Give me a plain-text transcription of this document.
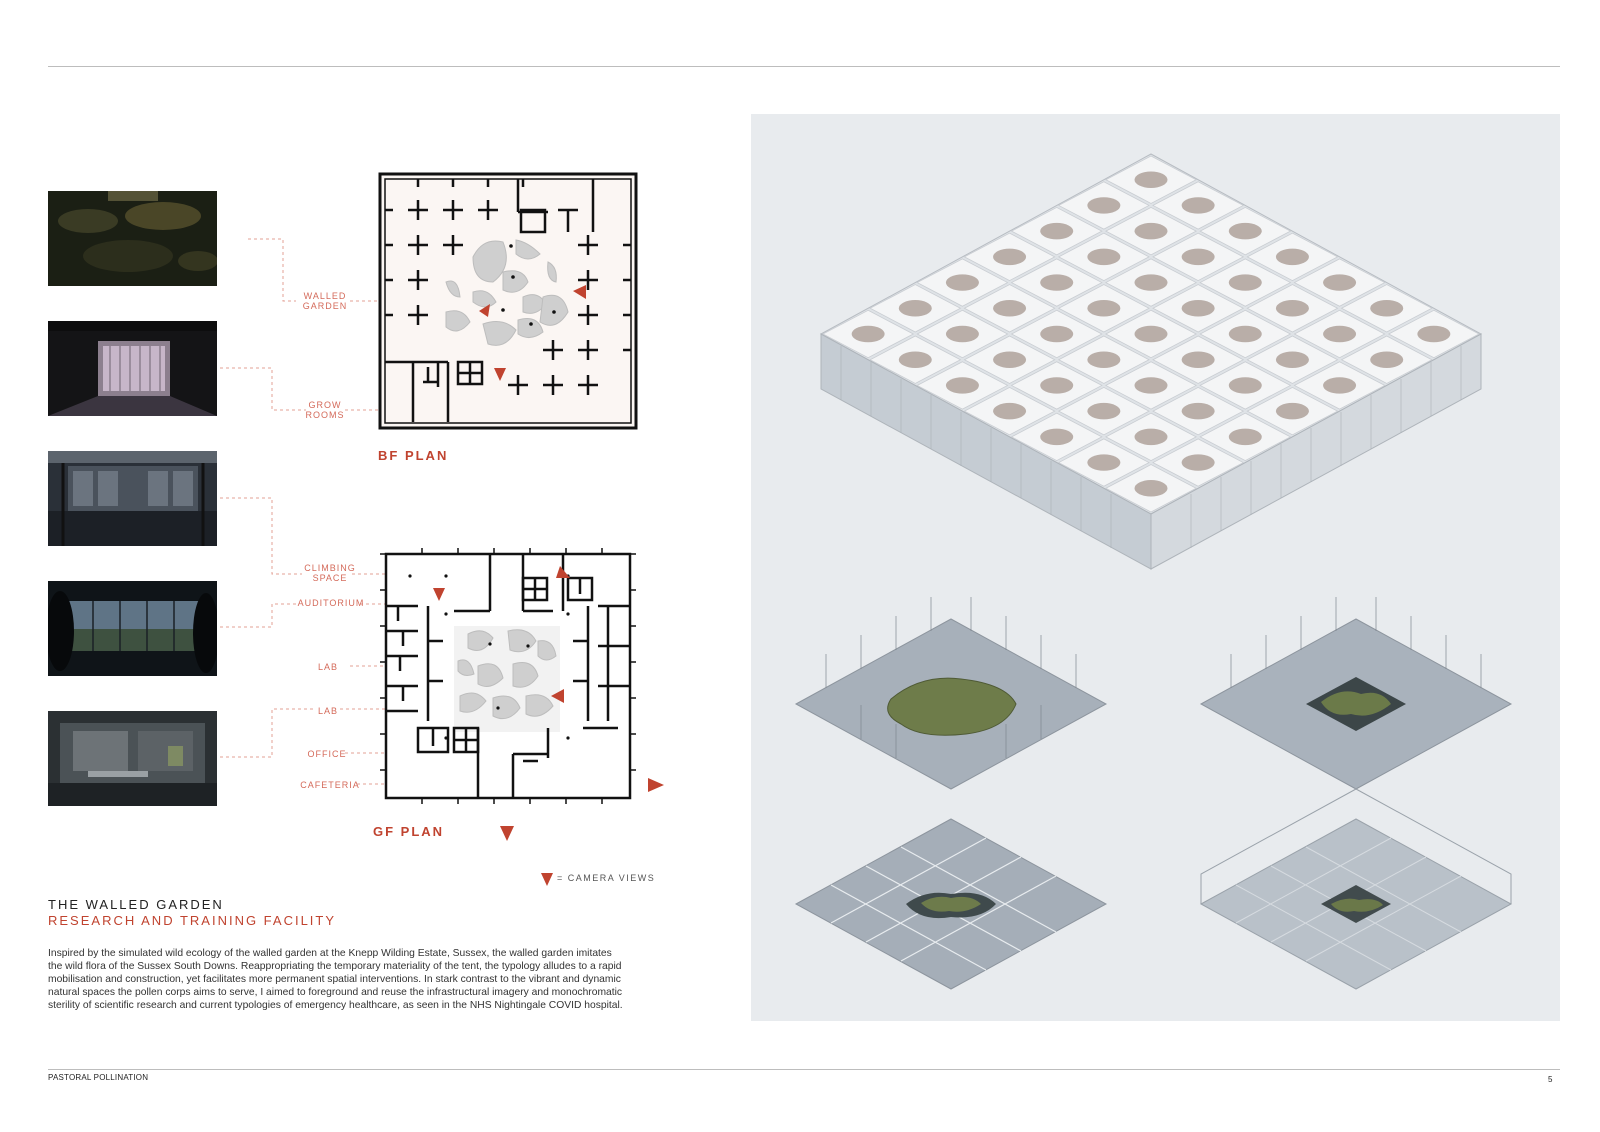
WALLED GARDEN
GROW ROOMS
CLIMBING SPACE
AUDITORIUM
LAB
LAB
OFFICE
CAFETERIA
BF PLAN
GF PLAN
= CAMERA VIEWS
THE WALLED GARDEN
RESEARCH AND TRAINING FACILITY
Inspired by the simulated wild ecology of the walled garden at the Knepp Wilding Estate, Sussex, the walled garden imitates the wild flora of the Sussex South Downs. Reappropriating the temporary materiality of the tent, the typology alludes to a rapid mobilisation and construction, yet facilitates more permanent spatial interventions. In stark contrast to the vibrant and dynamic natural spaces the pollen corps aims to serve, I aimed to foreground and reuse the infrastructural imagery and monochromatic sterility of scientific research and current typologies of emergency healthcare, as seen in the NHS Nightingale COVID hospital.
PASTORAL POLLINATION	5
